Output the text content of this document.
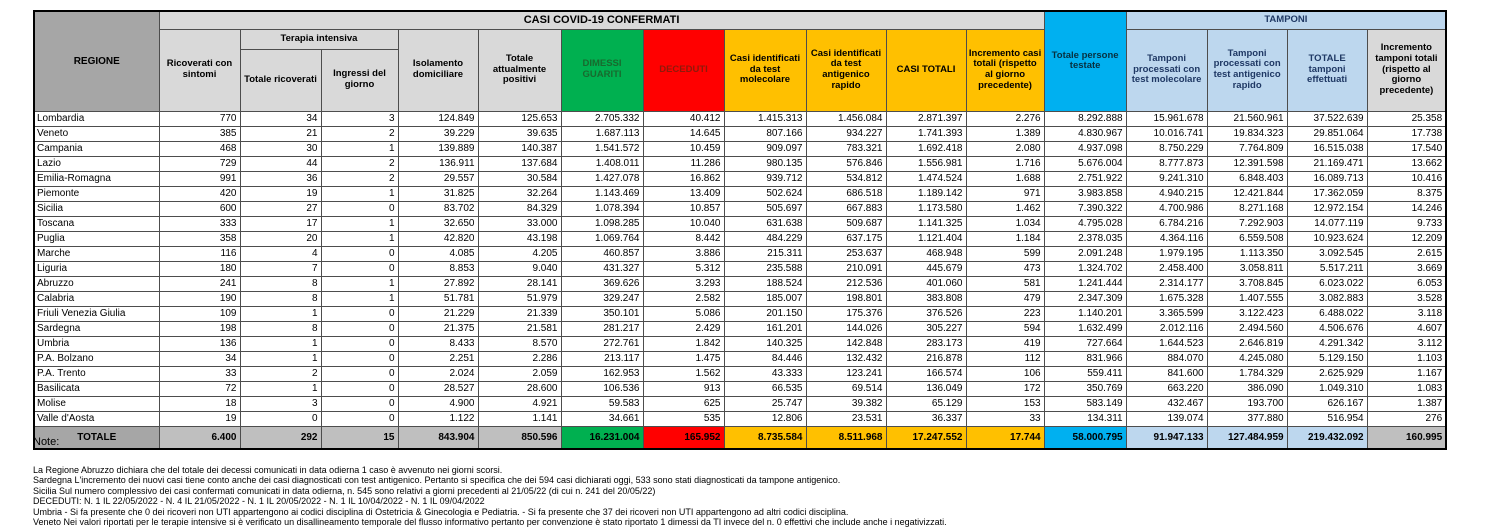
REGIONE	CASI COVID-19 CONFERMATI											Totale persone testate	TAMPONI			
	Ricoverati con sintomi	Terapia intensiva		Isolamento domiciliare	Totale attualmente positivi	DIMESSI GUARITI	DECEDUTI	Casi identificati da test molecolare	Casi identificati da test antigenico rapido	CASI TOTALI	Incremento casi totali (rispetto al giorno precedente)		Tamponi processati con test molecolare	Tamponi processati con test antigenico rapido	TOTALE tamponi effettuati	Incremento tamponi totali (rispetto al giorno precedente)
		Totale ricoverati	Ingressi del giorno													
Lombardia	770	34	3	124.849	125.653	2.705.332	40.412	1.415.313	1.456.084	2.871.397	2.276	8.292.888	15.961.678	21.560.961	37.522.639	25.358
Veneto	385	21	2	39.229	39.635	1.687.113	14.645	807.166	934.227	1.741.393	1.389	4.830.967	10.016.741	19.834.323	29.851.064	17.738
Campania	468	30	1	139.889	140.387	1.541.572	10.459	909.097	783.321	1.692.418	2.080	4.937.098	8.750.229	7.764.809	16.515.038	17.540
Lazio	729	44	2	136.911	137.684	1.408.011	11.286	980.135	576.846	1.556.981	1.716	5.676.004	8.777.873	12.391.598	21.169.471	13.662
Emilia-Romagna	991	36	2	29.557	30.584	1.427.078	16.862	939.712	534.812	1.474.524	1.688	2.751.922	9.241.310	6.848.403	16.089.713	10.416
Piemonte	420	19	1	31.825	32.264	1.143.469	13.409	502.624	686.518	1.189.142	971	3.983.858	4.940.215	12.421.844	17.362.059	8.375
Sicilia	600	27	0	83.702	84.329	1.078.394	10.857	505.697	667.883	1.173.580	1.462	7.390.322	4.700.986	8.271.168	12.972.154	14.246
Toscana	333	17	1	32.650	33.000	1.098.285	10.040	631.638	509.687	1.141.325	1.034	4.795.028	6.784.216	7.292.903	14.077.119	9.733
Puglia	358	20	1	42.820	43.198	1.069.764	8.442	484.229	637.175	1.121.404	1.184	2.378.035	4.364.116	6.559.508	10.923.624	12.209
Marche	116	4	0	4.085	4.205	460.857	3.886	215.311	253.637	468.948	599	2.091.248	1.979.195	1.113.350	3.092.545	2.615
Liguria	180	7	0	8.853	9.040	431.327	5.312	235.588	210.091	445.679	473	1.324.702	2.458.400	3.058.811	5.517.211	3.669
Abruzzo	241	8	1	27.892	28.141	369.626	3.293	188.524	212.536	401.060	581	1.241.444	2.314.177	3.708.845	6.023.022	6.053
Calabria	190	8	1	51.781	51.979	329.247	2.582	185.007	198.801	383.808	479	2.347.309	1.675.328	1.407.555	3.082.883	3.528
Friuli Venezia Giulia	109	1	0	21.229	21.339	350.101	5.086	201.150	175.376	376.526	223	1.140.201	3.365.599	3.122.423	6.488.022	3.118
Sardegna	198	8	0	21.375	21.581	281.217	2.429	161.201	144.026	305.227	594	1.632.499	2.012.116	2.494.560	4.506.676	4.607
Umbria	136	1	0	8.433	8.570	272.761	1.842	140.325	142.848	283.173	419	727.664	1.644.523	2.646.819	4.291.342	3.112
P.A. Bolzano	34	1	0	2.251	2.286	213.117	1.475	84.446	132.432	216.878	112	831.966	884.070	4.245.080	5.129.150	1.103
P.A. Trento	33	2	0	2.024	2.059	162.953	1.562	43.333	123.241	166.574	106	559.411	841.600	1.784.329	2.625.929	1.167
Basilicata	72	1	0	28.527	28.600	106.536	913	66.535	69.514	136.049	172	350.769	663.220	386.090	1.049.310	1.083
Molise	18	3	0	4.900	4.921	59.583	625	25.747	39.382	65.129	153	583.149	432.467	193.700	626.167	1.387
Valle d'Aosta	19	0	0	1.122	1.141	34.661	535	12.806	23.531	36.337	33	134.311	139.074	377.880	516.954	276
TOTALE	6.400	292	15	843.904	850.596	16.231.004	165.952	8.735.584	8.511.968	17.247.552	17.744	58.000.795	91.947.133	127.484.959	219.432.092	160.995
Note:
La Regione Abruzzo dichiara che del totale dei decessi comunicati in data odierna 1 caso è avvenuto nei giorni scorsi.
Sardegna L'incremento dei nuovi casi tiene conto anche dei casi diagnosticati con test antigenico. Pertanto si specifica che dei 594 casi dichiarati oggi, 533 sono stati diagnosticati da tampone antigenico.
Sicilia Sul numero complessivo dei casi confermati comunicati in data odierna, n. 545 sono relativi a giorni precedenti al 21/05/22 (di cui n. 241 del 20/05/22)
DECEDUTI: N. 1 IL 22/05/2022 - N. 4 IL 21/05/2022 - N. 1 IL 20/05/2022 - N. 1 IL 10/04/2022 - N. 1 IL 09/04/2022
Umbria - Si fa presente che 0 dei ricoveri non UTI appartengono ai codici disciplina di Ostetricia & Ginecologia e Pediatria. - Si fa presente che 37 dei ricoveri non UTI appartengono ad altri codici disciplina.
Veneto Nei valori riportati per le terapie intensive si è verificato un disallineamento temporale del flusso informativo pertanto per convenzione è stato riportato 1 dimessi da TI invece del n. 0 effettivi che include anche i negativizzati.
